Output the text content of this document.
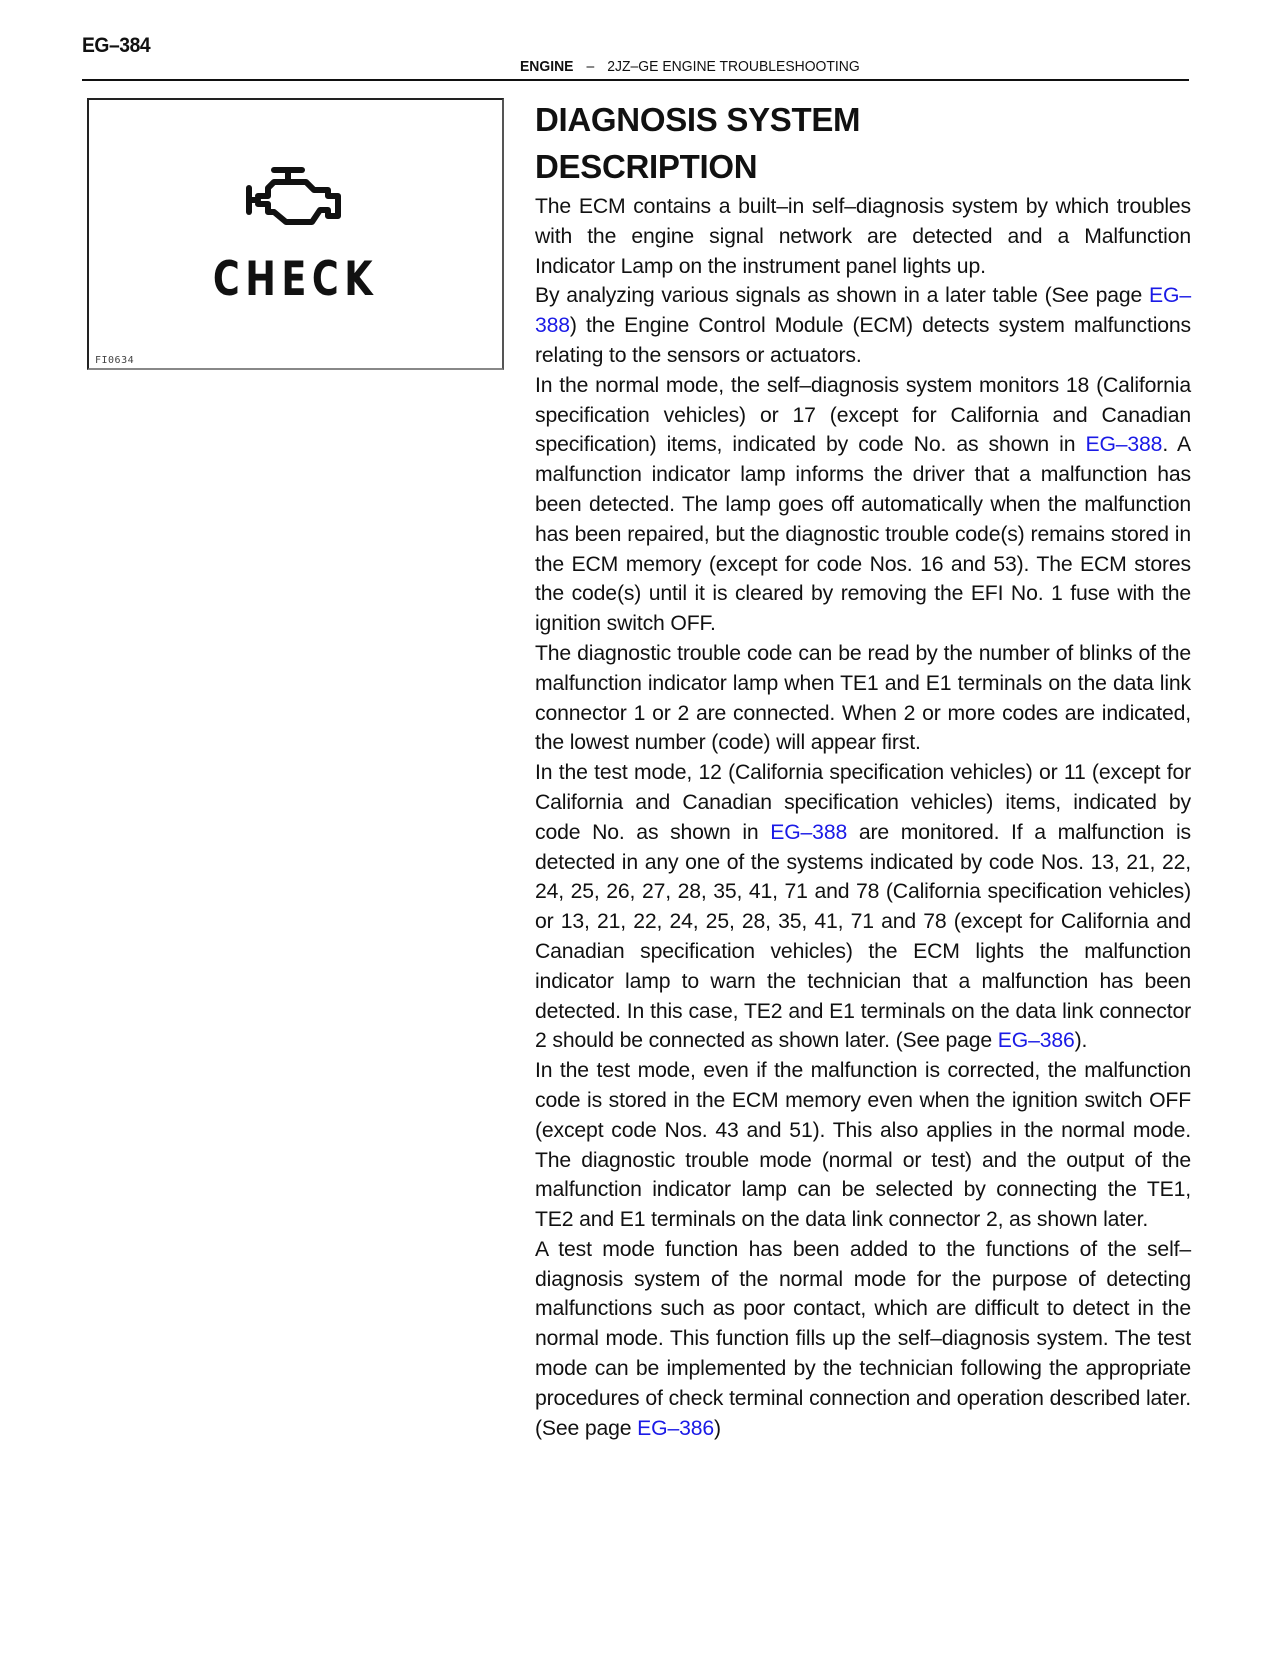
EG–384
ENGINE – 2JZ–GE ENGINE TROUBLESHOOTING
CHECK
FI0634
DIAGNOSIS SYSTEM
DESCRIPTION

The ECM contains a built–in self–diagnosis system by which troubles with the engine signal network are detected and a Malfunction Indicator Lamp on the instrument panel lights up.

By analyzing various signals as shown in a later table (See page EG–388) the Engine Control Module (ECM) detects system malfunctions relating to the sensors or actuators.

In the normal mode, the self–diagnosis system monitors 18 (California specification vehicles) or 17 (except for California and Canadian specification) items, indicated by code No. as shown in EG–388. A malfunction indicator lamp informs the driver that a malfunction has been detected. The lamp goes off automatically when the malfunction has been repaired, but the diagnostic trouble code(s) remains stored in the ECM memory (except for code Nos. 16 and 53). The ECM stores the code(s) until it is cleared by removing the EFI No. 1 fuse with the ignition switch OFF.

The diagnostic trouble code can be read by the number of blinks of the malfunction indicator lamp when TE1 and E1 terminals on the data link connector 1 or 2 are connected. When 2 or more codes are indicated, the lowest number (code) will appear first.

In the test mode, 12 (California specification vehicles) or 11 (except for California and Canadian specification vehicles) items, indicated by code No. as shown in EG–388 are monitored. If a malfunction is detected in any one of the systems indicated by code Nos. 13, 21, 22, 24, 25, 26, 27, 28, 35, 41, 71 and 78 (California specification vehicles) or 13, 21, 22, 24, 25, 28, 35, 41, 71 and 78 (except for California and Canadian specification vehicles) the ECM lights the malfunction indicator lamp to warn the technician that a malfunction has been detected. In this case, TE2 and E1 terminals on the data link connector 2 should be connected as shown later. (See page EG–386).

In the test mode, even if the malfunction is corrected, the malfunction code is stored in the ECM memory even when the ignition switch OFF (except code Nos. 43 and 51). This also applies in the normal mode. The diagnostic trouble mode (normal or test) and the output of the malfunction indicator lamp can be selected by connecting the TE1, TE2 and E1 terminals on the data link connector 2, as shown later.

A test mode function has been added to the functions of the self–diagnosis system of the normal mode for the purpose of detecting malfunctions such as poor contact, which are difficult to detect in the normal mode. This function fills up the self–diagnosis system. The test mode can be implemented by the technician following the appropriate procedures of check terminal connection and operation described later. (See page EG–386)
